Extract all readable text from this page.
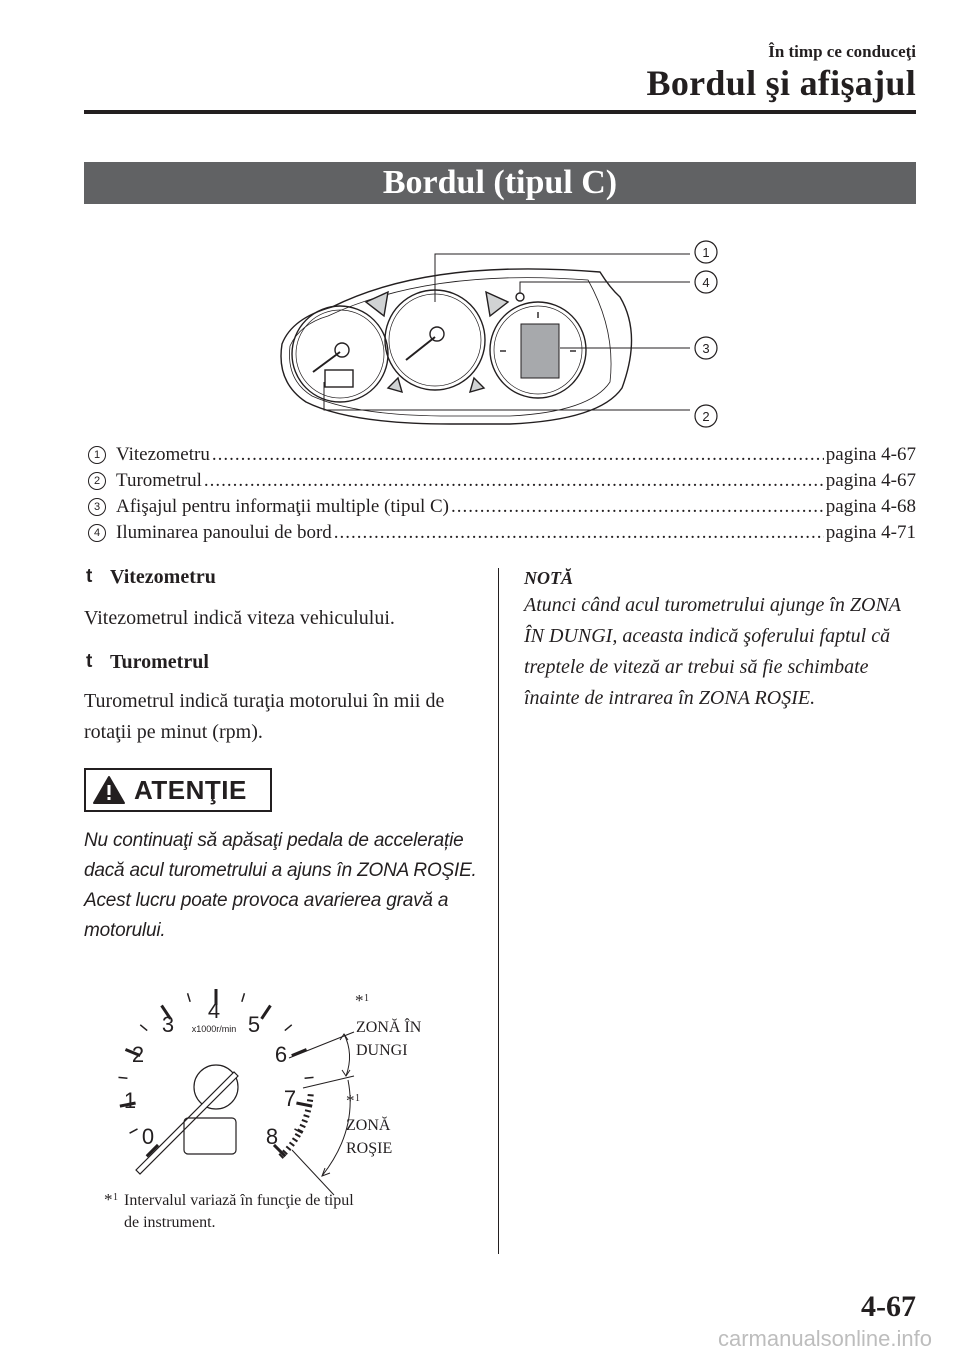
În timp ce conduceţi
Bordul şi afişajul
Bordul (tipul C)
1
4
3
2
1 Vitezometru .....	pagina 4-67
2 Turometrul .....	pagina 4-67
3 Afişajul pentru informaţii multiple (tipul C) .....	pagina 4-68
4 Iluminarea panoului de bord .....	pagina 4-71
t Vitezometru
Vitezometrul indică viteza vehiculului.
t Turometrul
Turometrul indică turaţia motorului în mii de rotaţii pe minut (rpm).
ATENŢIE
Nu continuaţi să apăsaţi pedala de accelerație dacă acul turometrului a ajuns în ZONA ROŞIE.
Acest lucru poate provoca avarierea gravă a motorului.
NOTĂ
Atunci când acul turometrului ajunge în ZONA ÎN DUNGI, aceasta indică şoferului faptul că treptele de viteză ar trebui să fie schimbate înainte de intrarea în ZONA ROŞIE.
0
1
2
3
4
5
6
7
8
x1000r/min
* 1
ZONĂ ÎN
DUNGI
* 1
ZONĂ
ROŞIE
* 1 Intervalul variază în funcţie de tipul
de instrument.
4-67
carmanualsonline.info
